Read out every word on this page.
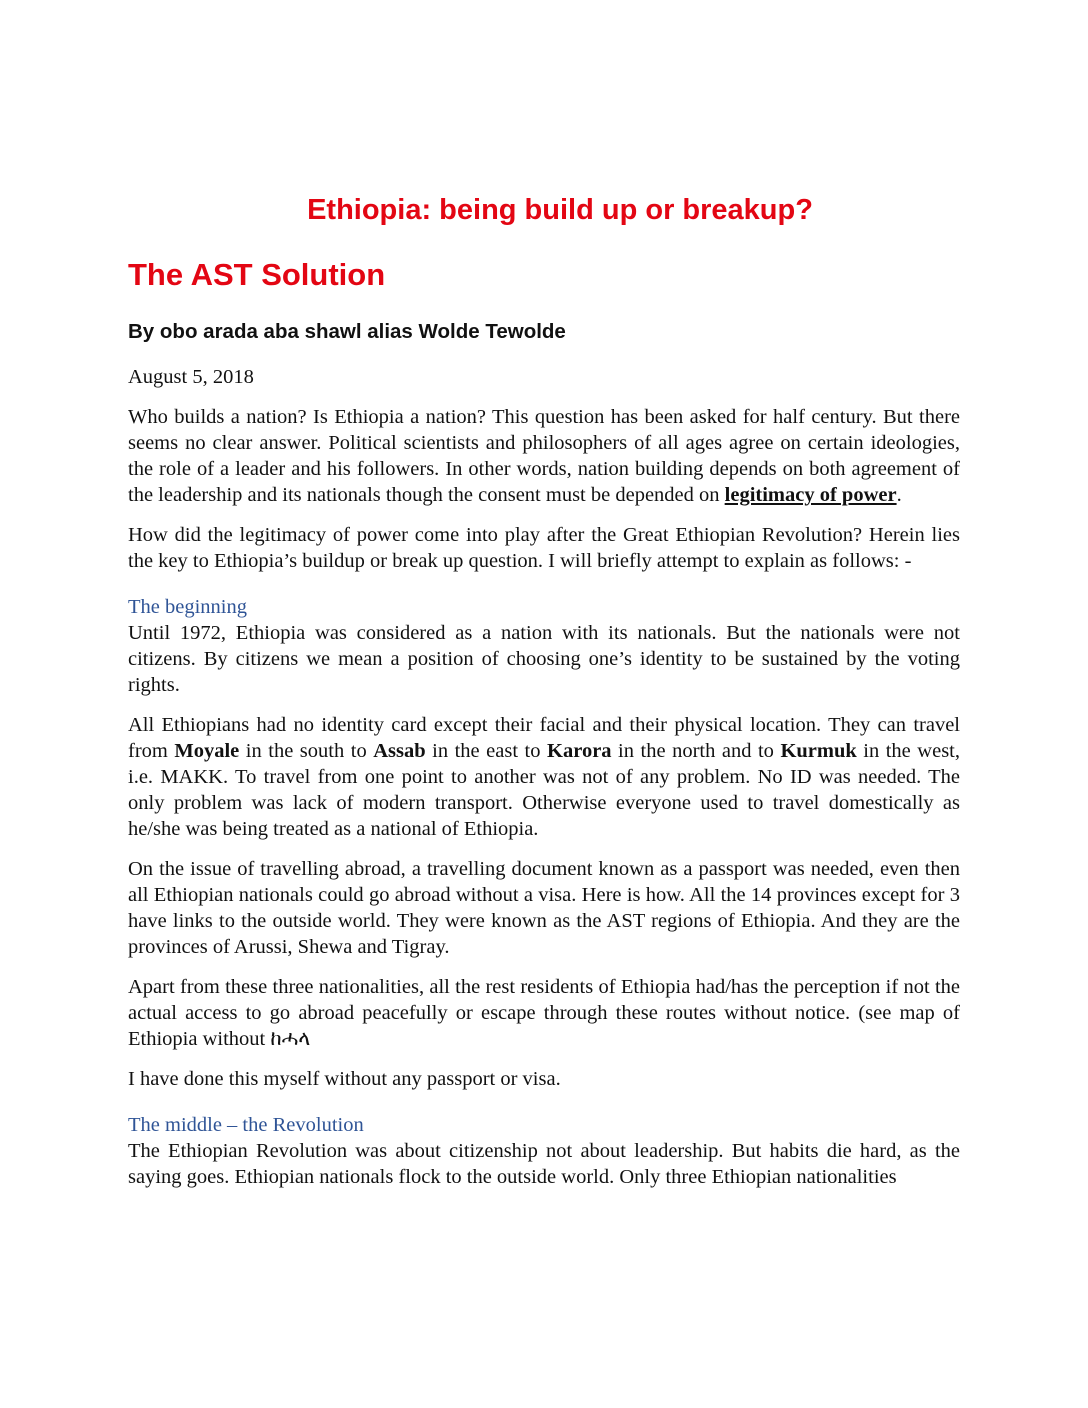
Ethiopia: being build up or breakup?
The AST Solution
By obo arada aba shawl alias Wolde Tewolde
August 5, 2018

Who builds a nation? Is Ethiopia a nation? This question has been asked for half century. But there seems no clear answer. Political scientists and philosophers of all ages agree on certain ideologies, the role of a leader and his followers. In other words, nation building depends on both agreement of the leadership and its nationals though the consent must be depended on legitimacy of power.

How did the legitimacy of power come into play after the Great Ethiopian Revolution? Herein lies the key to Ethiopia’s buildup or break up question. I will briefly attempt to explain as follows: -

The beginning

Until 1972, Ethiopia was considered as a nation with its nationals. But the nationals were not citizens. By citizens we mean a position of choosing one’s identity to be sustained by the voting rights.

All Ethiopians had no identity card except their facial and their physical location. They can travel from Moyale in the south to Assab in the east to Karora in the north and to Kurmuk in the west, i.e. MAKK. To travel from one point to another was not of any problem. No ID was needed. The only problem was lack of modern transport. Otherwise everyone used to travel domestically as he/she was being treated as a national of Ethiopia.

On the issue of travelling abroad, a travelling document known as a passport was needed, even then all Ethiopian nationals could go abroad without a visa. Here is how. All the 14 provinces except for 3 have links to the outside world. They were known as the AST regions of Ethiopia. And they are the provinces of Arussi, Shewa and Tigray.

Apart from these three nationalities, all the rest residents of Ethiopia had/has the perception if not the actual access to go abroad peacefully or escape through these routes without notice. (see map of Ethiopia without ከሓላ

I have done this myself without any passport or visa.

The middle – the Revolution

The Ethiopian Revolution was about citizenship not about leadership. But habits die hard, as the saying goes. Ethiopian nationals flock to the outside world. Only three Ethiopian nationalities
